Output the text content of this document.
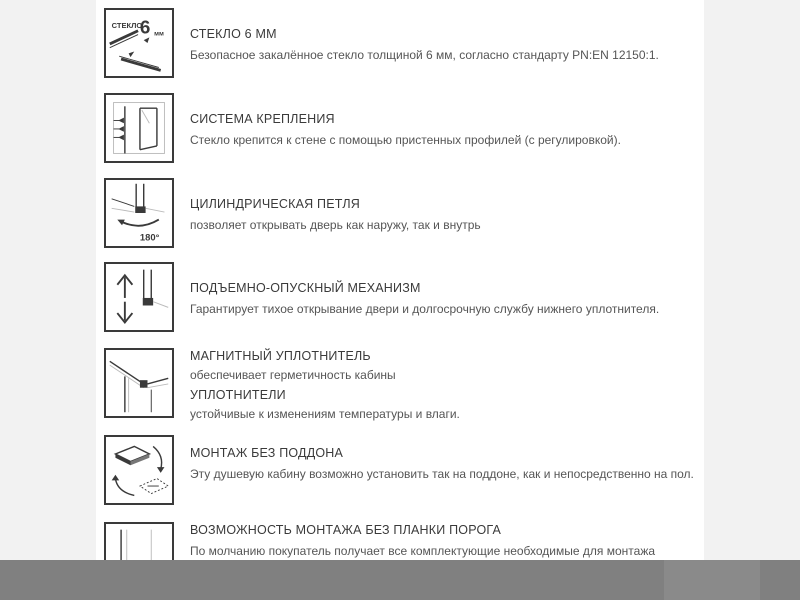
СТЕКЛО
6 мм СТЕКЛО 6 ММ
Безопасное закалённое стекло толщиной 6 мм, согласно стандарту PN:EN 12150:1.
СИСТЕМА КРЕПЛЕНИЯ
Стекло крепится к стене с помощью пристенных профилей (с регулировкой).
180°
ЦИЛИНДРИЧЕСКАЯ ПЕТЛЯ
позволяет открывать дверь как наружу, так и внутрь
ПОДЪЕМНО-ОПУСКНЫЙ МЕХАНИЗМ
Гарантирует тихое открывание двери и долгосрочную службу нижнего уплотнителя.
МАГНИТНЫЙ УПЛОТНИТЕЛЬ
обеспечивает герметичность кабины
УПЛОТНИТЕЛИ
устойчивые к изменениям температуры и влаги.
МОНТАЖ БЕЗ ПОДДОНА
Эту душевую кабину возможно установить так на поддоне, как и непосредственно на пол.
ВОЗМОЖНОСТЬ МОНТАЖА БЕЗ ПЛАНКИ ПОРОГА
По молчанию покупатель получает все комплектующие необходимые для монтажа
